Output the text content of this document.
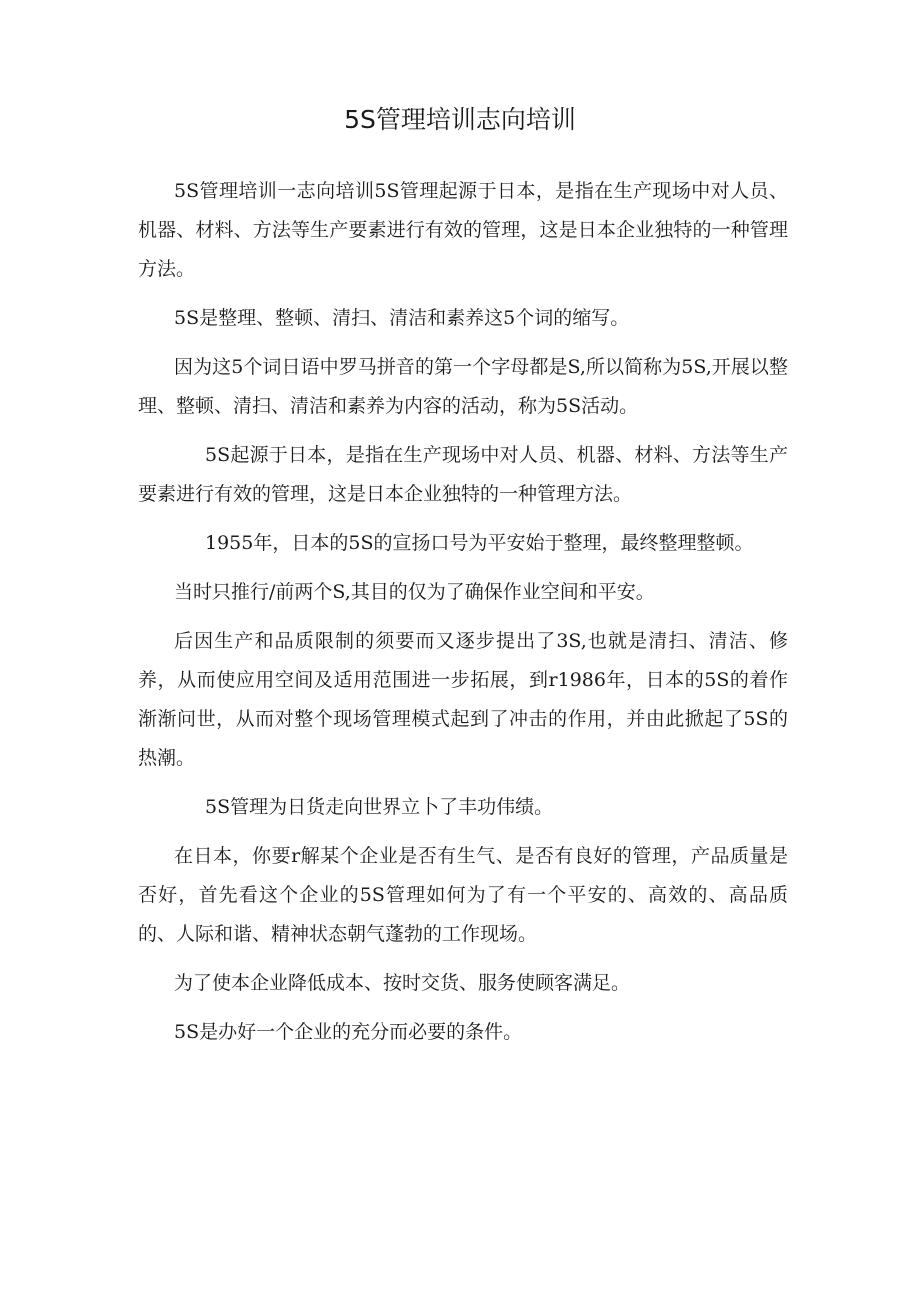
5S管理培训志向培训

5S管理培训一志向培训5S管理起源于日本，是指在生产现场中对人员、机器、材料、方法等生产要素进行有效的管理，这是日本企业独特的一种管理方法。

5S是整理、整顿、清扫、清洁和素养这5个词的缩写。

因为这5个词日语中罗马拼音的第一个字母都是S,所以简称为5S,开展以整理、整顿、清扫、清洁和素养为内容的活动，称为5S活动。

5S起源于日本，是指在生产现场中对人员、机器、材料、方法等生产要素进行有效的管理，这是日本企业独特的一种管理方法。

1955年，日本的5S的宣扬口号为平安始于整理，最终整理整顿。

当时只推行/前两个S,其目的仅为了确保作业空间和平安。

后因生产和品质限制的须要而又逐步提出了3S,也就是清扫、清洁、修养，从而使应用空间及适用范围进一步拓展，到r1986年，日本的5S的着作渐渐问世，从而对整个现场管理模式起到了冲击的作用，并由此掀起了5S的热潮。

5S管理为日货走向世界立卜了丰功伟绩。

在日本，你要r解某个企业是否有生气、是否有良好的管理，产品质量是否好，首先看这个企业的5S管理如何为了有一个平安的、高效的、高品质的、人际和谐、精神状态朝气蓬勃的工作现场。

为了使本企业降低成本、按时交货、服务使顾客满足。

5S是办好一个企业的充分而必要的条件。
